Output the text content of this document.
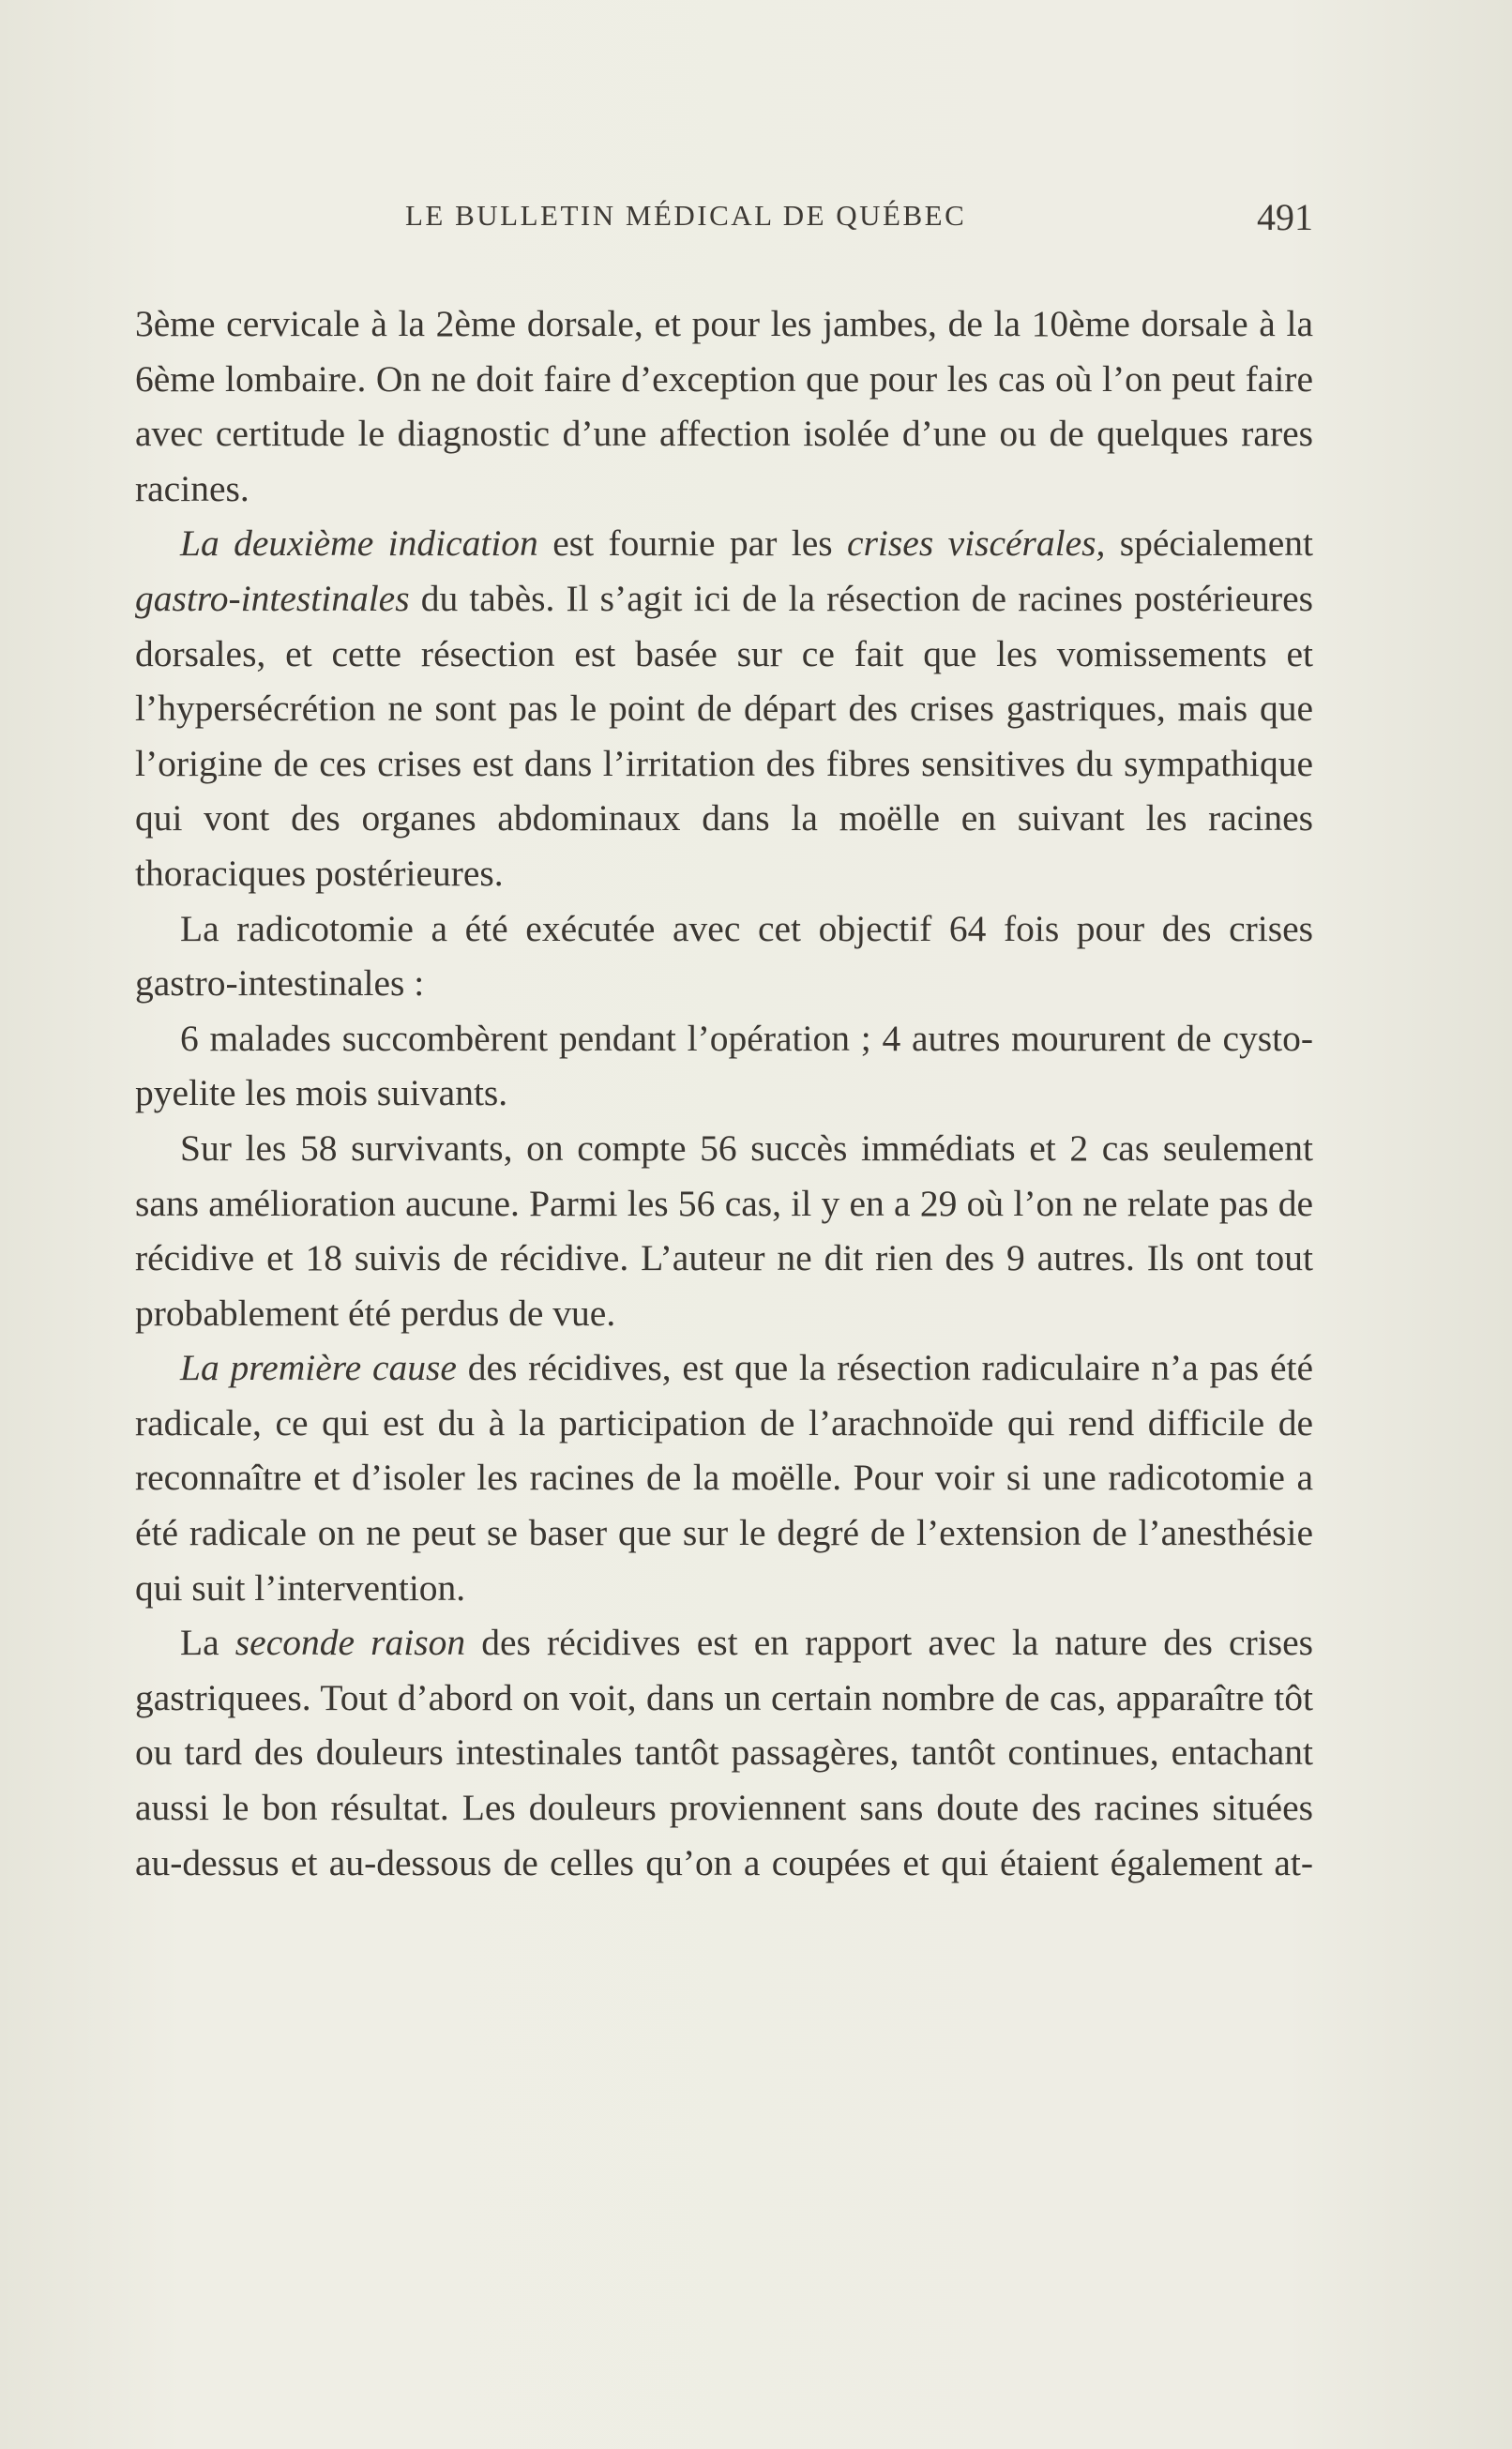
LE BULLETIN MÉDICAL DE QUÉBEC	491

3ème cervicale à la 2ème dorsale, et pour les jambes, de la 10ème dorsale à la 6ème lombaire. On ne doit faire d’exception que pour les cas où l’on peut faire avec certitude le diagnostic d’une affection isolée d’une ou de quelques rares racines.

La deuxième indication est fournie par les crises viscérales, spécialement gastro-intestinales du tabès. Il s’agit ici de la résection de racines postérieures dorsales, et cette résection est basée sur ce fait que les vomissements et l’hypersécrétion ne sont pas le point de départ des crises gastriques, mais que l’origine de ces crises est dans l’irritation des fibres sensitives du sympathique qui vont des organes abdominaux dans la moëlle en suivant les racines thoraciques postérieures.

La radicotomie a été exécutée avec cet objectif 64 fois pour des crises gastro-intestinales :

6 malades succombèrent pendant l’opération ; 4 autres moururent de cysto-pyelite les mois suivants.

Sur les 58 survivants, on compte 56 succès immédiats et 2 cas seulement sans amélioration aucune. Parmi les 56 cas, il y en a 29 où l’on ne relate pas de récidive et 18 suivis de récidive. L’auteur ne dit rien des 9 autres. Ils ont tout probablement été perdus de vue.

La première cause des récidives, est que la résection radiculaire n’a pas été radicale, ce qui est du à la participation de l’arachnoïde qui rend difficile de reconnaître et d’isoler les racines de la moëlle. Pour voir si une radicotomie a été radicale on ne peut se baser que sur le degré de l’extension de l’anesthésie qui suit l’intervention.

La seconde raison des récidives est en rapport avec la nature des crises gastriquees. Tout d’abord on voit, dans un certain nombre de cas, apparaître tôt ou tard des douleurs intestinales tantôt passagères, tantôt continues, entachant aussi le bon résultat. Les douleurs proviennent sans doute des racines situées au-dessus et au-dessous de celles qu’on a coupées et qui étaient également at-
